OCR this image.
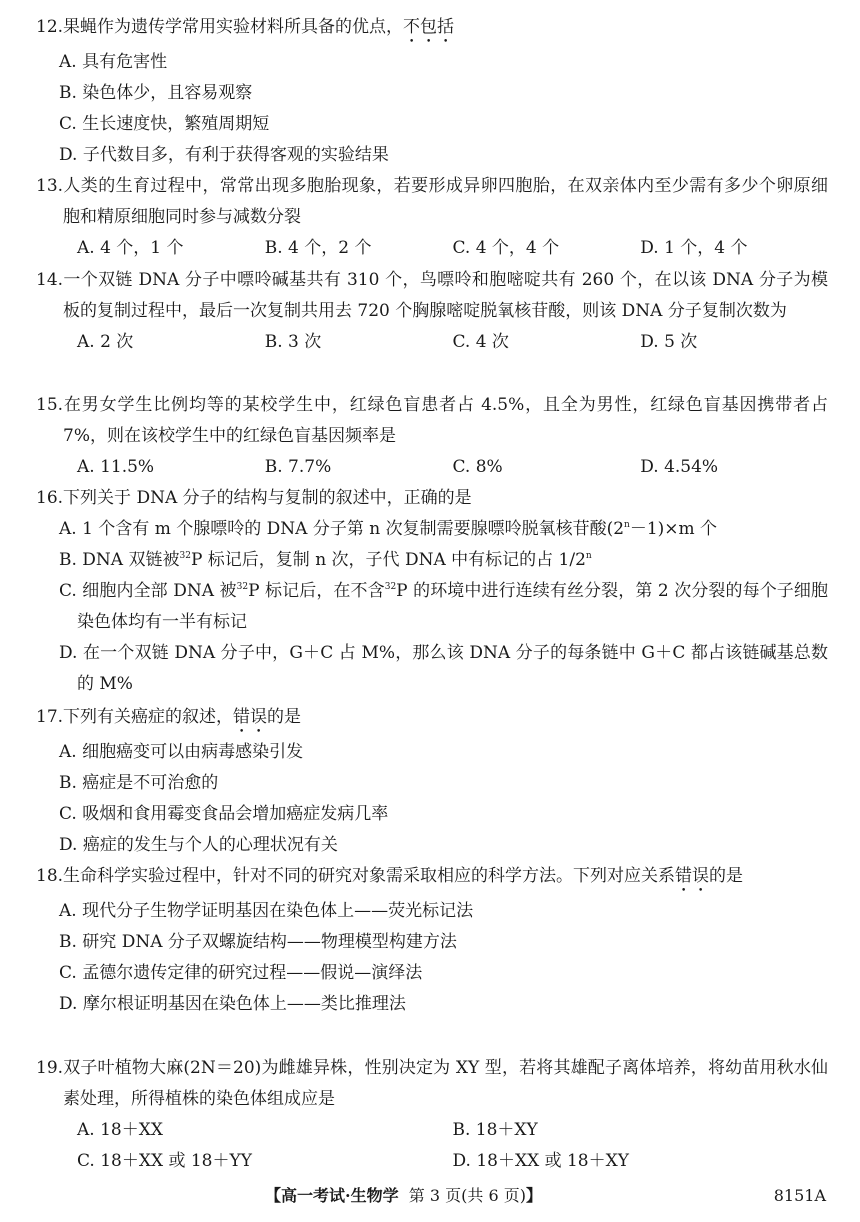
12.果蝇作为遗传学常用实验材料所具备的优点，不包括

A. 具有危害性
B. 染色体少，且容易观察
C. 生长速度快，繁殖周期短
D. 子代数目多，有利于获得客观的实验结果

13.人类的生育过程中，常常出现多胞胎现象，若要形成异卵四胞胎，在双亲体内至少需有多少个卵原细胞和精原细胞同时参与减数分裂

A. 4 个，1 个	B. 4 个，2 个	C. 4 个，4 个	D. 1 个，4 个

14.一个双链 DNA 分子中嘌呤碱基共有 310 个，鸟嘌呤和胞嘧啶共有 260 个，在以该 DNA 分子为模板的复制过程中，最后一次复制共用去 720 个胸腺嘧啶脱氧核苷酸，则该 DNA 分子复制次数为

A. 2 次	B. 3 次	C. 4 次	D. 5 次

15.在男女学生比例均等的某校学生中，红绿色盲患者占 4.5%，且全为男性，红绿色盲基因携带者占 7%，则在该校学生中的红绿色盲基因频率是

A. 11.5%	B. 7.7%	C. 8%	D. 4.54%

16.下列关于 DNA 分子的结构与复制的叙述中，正确的是

A. 1 个含有 m 个腺嘌呤的 DNA 分子第 n 次复制需要腺嘌呤脱氧核苷酸$(2^n-1)\times m$ 个
B. DNA 双链被$^{32}$P 标记后，复制 n 次，子代 DNA 中有标记的占 1/2$^n$
C. 细胞内全部 DNA 被$^{32}$P 标记后，在不含$^{32}$P 的环境中进行连续有丝分裂，第 2 次分裂的每个子细胞染色体均有一半有标记
D. 在一个双链 DNA 分子中，G＋C 占 M%，那么该 DNA 分子的每条链中 G＋C 都占该链碱基总数的 M%

17.下列有关癌症的叙述，错误的是

A. 细胞癌变可以由病毒感染引发
B. 癌症是不可治愈的
C. 吸烟和食用霉变食品会增加癌症发病几率
D. 癌症的发生与个人的心理状况有关

18.生命科学实验过程中，针对不同的研究对象需采取相应的科学方法。下列对应关系错误的是

A. 现代分子生物学证明基因在染色体上——荧光标记法
B. 研究 DNA 分子双螺旋结构——物理模型构建方法
C. 孟德尔遗传定律的研究过程——假说—演绎法
D. 摩尔根证明基因在染色体上——类比推理法

19.双子叶植物大麻(2N＝20)为雌雄异株，性别决定为 XY 型，若将其雄配子离体培养，将幼苗用秋水仙素处理，所得植株的染色体组成应是

A. 18＋XX	B. 18＋XY
C. 18＋XX 或 18＋YY	D. 18＋XX 或 18＋XY
【高一考试·生物学 第 3 页(共 6 页)】	8151A
